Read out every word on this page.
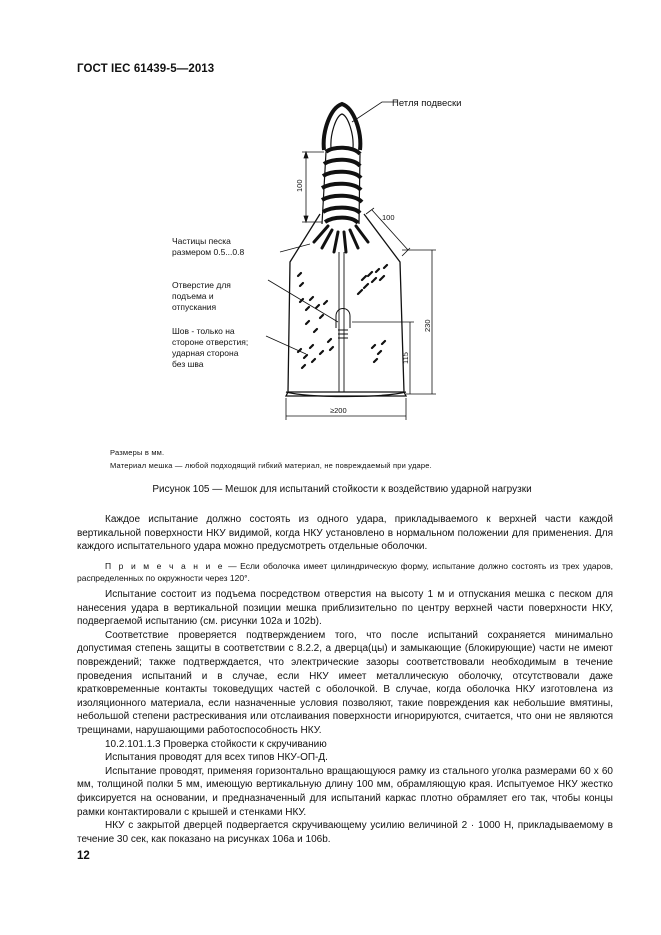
ГОСТ IEC 61439-5—2013
Петля подвески
Частицы песка
размером 0.5...0.8
Отверстие для
подъема и
отпускания
Шов - только на
стороне отверстия;
ударная сторона
без шва
100
100
230
115
≥200
Размеры в мм.
Материал мешка — любой подходящий гибкий материал, не повреждаемый при ударе.
Рисунок 105 — Мешок для испытаний стойкости к воздействию ударной нагрузки

Каждое испытание должно состоять из одного удара, прикладываемого к верхней части каждой вертикальной поверхности НКУ видимой, когда НКУ установлено в нормальном положении для применения. Для каждого испытательного удара можно предусмотреть отдельные оболочки.

П р и м е ч а н и е — Если оболочка имеет цилиндрическую форму, испытание должно состоять из трех ударов, распределенных по окружности через 120°.

Испытание состоит из подъема посредством отверстия на высоту 1 м и отпускания мешка с песком для нанесения удара в вертикальной позиции мешка приблизительно по центру верхней части поверхности НКУ, подвергаемой испытанию (см. рисунки 102a и 102b).

Соответствие проверяется подтверждением того, что после испытаний сохраняется минимально допустимая степень защиты в соответствии с 8.2.2, а дверца(цы) и замыкающие (блокирующие) части не имеют повреждений; также подтверждается, что электрические зазоры соответствовали необходимым в течение проведения испытаний и в случае, если НКУ имеет металлическую оболочку, отсутствовали даже кратковременные контакты токоведущих частей с оболочкой. В случае, когда оболочка НКУ изготовлена из изоляционного материала, если назначенные условия позволяют, такие повреждения как небольшие вмятины, небольшой степени растрескивания или отслаивания поверхности игнорируются, считается, что они не являются трещинами, нарушающими работоспособность НКУ.

10.2.101.1.3 Проверка стойкости к скручиванию

Испытания проводят для всех типов НКУ-ОП-Д.

Испытание проводят, применяя горизонтально вращающуюся рамку из стального уголка размерами 60 х 60 мм, толщиной полки 5 мм, имеющую вертикальную длину 100 мм, обрамляющую края. Испытуемое НКУ жестко фиксируется на основании, и предназначенный для испытаний каркас плотно обрамляет его так, чтобы концы рамки контактировали с крышей и стенками НКУ.

НКУ с закрытой дверцей подвергается скручивающему усилию величиной 2 · 1000 Н, прикладываемому в течение 30 сек, как показано на рисунках 106а и 106b.

12
